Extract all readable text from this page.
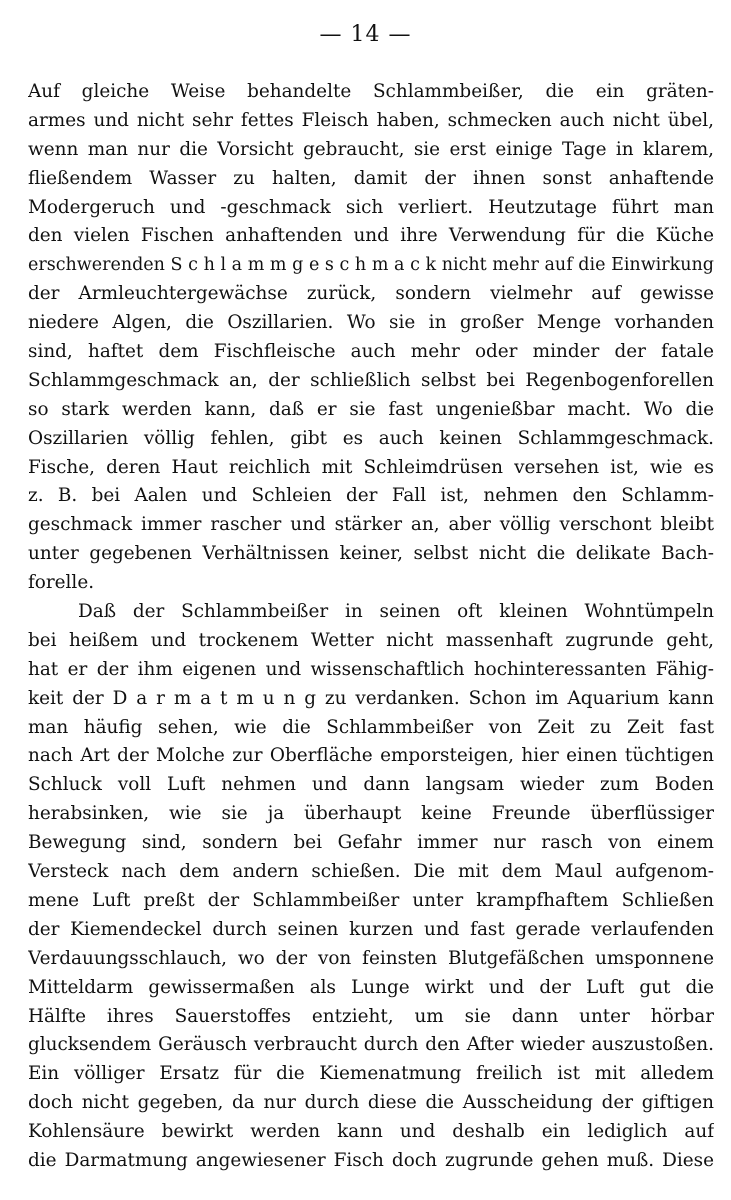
— 14 —
Auf gleiche Weise behandelte Schlammbeißer, die ein gräten-
armes und nicht sehr fettes Fleisch haben, schmecken auch nicht übel,
wenn man nur die Vorsicht gebraucht, sie erst einige Tage in klarem,
fließendem Wasser zu halten, damit der ihnen sonst anhaftende
Modergeruch und -geschmack sich verliert. Heutzutage führt man
den vielen Fischen anhaftenden und ihre Verwendung für die Küche
erschwerenden S c h l a m m g e s c h m a c k nicht mehr auf die Einwirkung
der Armleuchtergewächse zurück, sondern vielmehr auf gewisse
niedere Algen, die Oszillarien. Wo sie in großer Menge vorhanden
sind, haftet dem Fischfleische auch mehr oder minder der fatale
Schlammgeschmack an, der schließlich selbst bei Regenbogenforellen
so stark werden kann, daß er sie fast ungenießbar macht. Wo die
Oszillarien völlig fehlen, gibt es auch keinen Schlammgeschmack.
Fische, deren Haut reichlich mit Schleimdrüsen versehen ist, wie es
z. B. bei Aalen und Schleien der Fall ist, nehmen den Schlamm-
geschmack immer rascher und stärker an, aber völlig verschont bleibt
unter gegebenen Verhältnissen keiner, selbst nicht die delikate Bach-
forelle.
Daß der Schlammbeißer in seinen oft kleinen Wohntümpeln
bei heißem und trockenem Wetter nicht massenhaft zugrunde geht,
hat er der ihm eigenen und wissenschaftlich hochinteressanten Fähig-
keit der D a r m a t m u n g zu verdanken. Schon im Aquarium kann
man häufig sehen, wie die Schlammbeißer von Zeit zu Zeit fast
nach Art der Molche zur Oberfläche emporsteigen, hier einen tüchtigen
Schluck voll Luft nehmen und dann langsam wieder zum Boden
herabsinken, wie sie ja überhaupt keine Freunde überflüssiger
Bewegung sind, sondern bei Gefahr immer nur rasch von einem
Versteck nach dem andern schießen. Die mit dem Maul aufgenom-
mene Luft preßt der Schlammbeißer unter krampfhaftem Schließen
der Kiemendeckel durch seinen kurzen und fast gerade verlaufenden
Verdauungsschlauch, wo der von feinsten Blutgefäßchen umsponnene
Mitteldarm gewissermaßen als Lunge wirkt und der Luft gut die
Hälfte ihres Sauerstoffes entzieht, um sie dann unter hörbar
glucksendem Geräusch verbraucht durch den After wieder auszustoßen.
Ein völliger Ersatz für die Kiemenatmung freilich ist mit alledem
doch nicht gegeben, da nur durch diese die Ausscheidung der giftigen
Kohlensäure bewirkt werden kann und deshalb ein lediglich auf
die Darmatmung angewiesener Fisch doch zugrunde gehen muß. Diese
